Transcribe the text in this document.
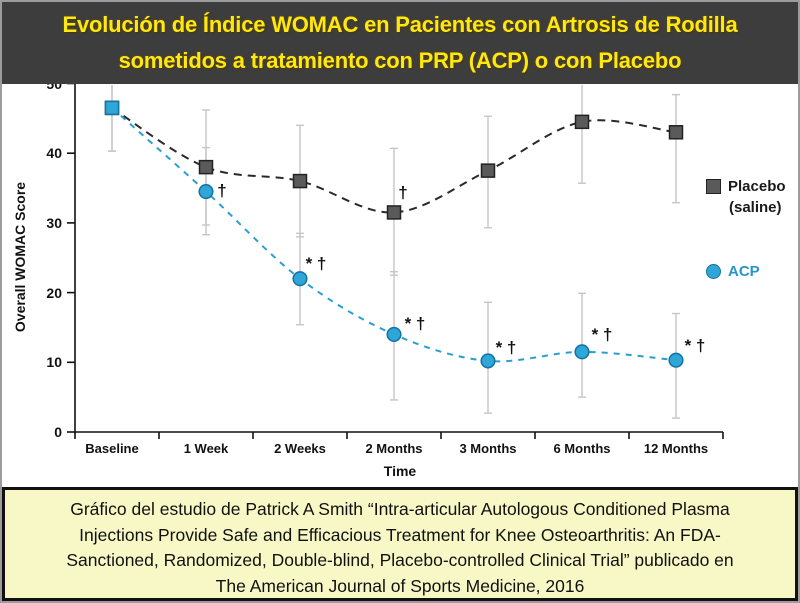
†
* †
†
* †
* †
* †
* †
Overall WOMAC Score
Time
Placebo
(saline)
ACP
0
10
20
30
40
Baseline	1 Week	2 Weeks	2 Months	3 Months	6 Months	12 Months
Evolución de Índice WOMAC en Pacientes con Artrosis de Rodilla
sometidos a tratamiento con PRP (ACP) o con Placebo
Gráfico del estudio de Patrick A Smith “Intra-articular Autologous Conditioned Plasma
Injections Provide Safe and Efficacious Treatment for Knee Osteoarthritis: An FDA-
Sanctioned, Randomized, Double-blind, Placebo-controlled Clinical Trial” publicado en
The American Journal of Sports Medicine, 2016
